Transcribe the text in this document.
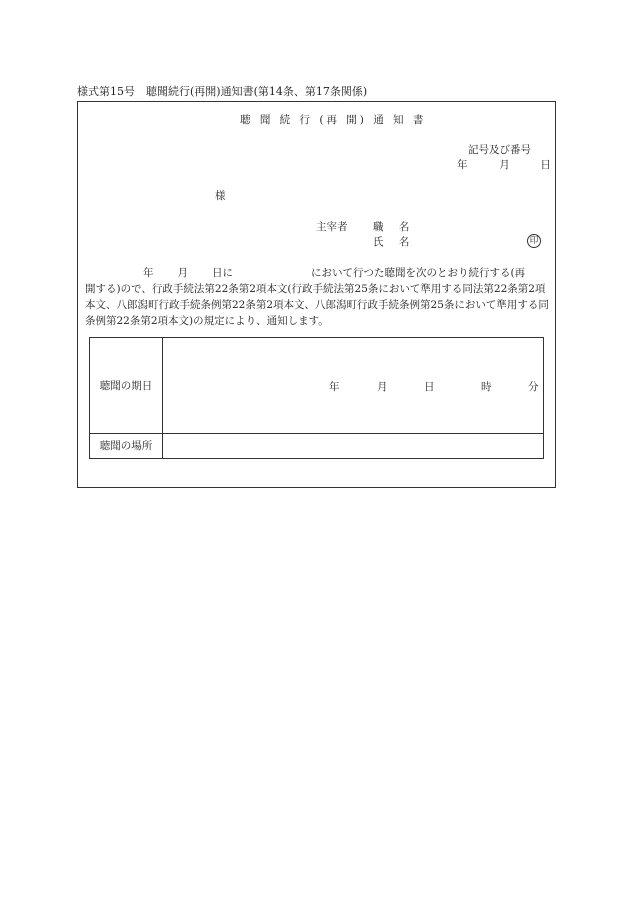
様式第15号　聴聞続行(再開)通知書(第14条、第17条関係)
聴 聞 続 行 (再 開) 通 知 書
記号及び番号
年	月	日
様
主宰者 職 名
氏 名	印
年 月 日に	において行つた聴聞を次のとおり続行する(再
開する)ので、行政手続法第22条第2項本文(行政手続法第25条において準用する同法第22条第2項本文、八郎潟町行政手続条例第22条第2項本文、八郎潟町行政手続条例第25条において準用する同条例第22条第2項本文)の規定により、通知します。
聴聞の期日	年 月 日 時 分

聴聞の場所	
